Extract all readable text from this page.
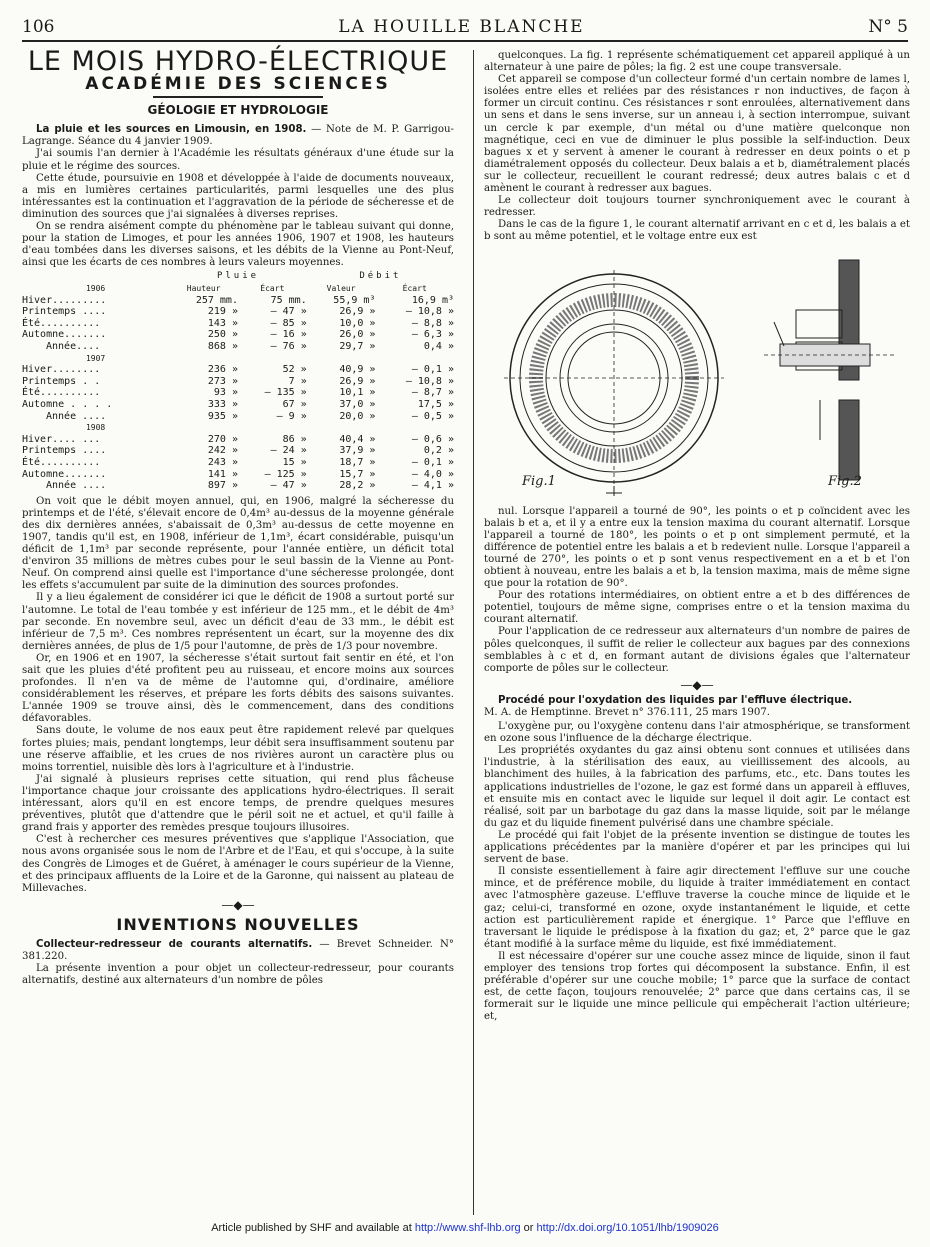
106	LA HOUILLE BLANCHE	N° 5
LE MOIS HYDRO-ÉLECTRIQUE
ACADÉMIE DES SCIENCES
GÉOLOGIE ET HYDROLOGIE

La pluie et les sources en Limousin, en 1908. — Note de M. P. Garrigou-Lagrange. Séance du 4 janvier 1909.

J'ai soumis l'an dernier à l'Académie les résultats généraux d'une étude sur la pluie et le régime des sources.

Cette étude, poursuivie en 1908 et développée à l'aide de documents nouveaux, a mis en lumières certaines particularités, parmi lesquelles une des plus intéressantes est la continuation et l'aggravation de la période de sécheresse et de diminution des sources que j'ai signalées à diverses reprises.

On se rendra aisément compte du phénomène par le tableau suivant qui donne, pour la station de Limoges, et pour les années 1906, 1907 et 1908, les hauteurs d'eau tombées dans les diverses saisons, et les débits de la Vienne au Pont-Neuf, ainsi que les écarts de ces nombres à leurs valeurs moyennes.

	Pluie		Débit	
1906	Hauteur	Écart	Valeur	Écart
Hiver.........	257 mm.	75 mm.	55,9 m³	16,9 m³
Printemps ....	219 »	— 47 »	26,9 »	— 10,8 »
Été..........	143 »	— 85 »	10,0 »	— 8,8 »
Automne.......	250 »	— 16 »	26,0 »	— 6,3 »
Année....	868 »	— 76 »	29,7 »	0,4 »
1907				
Hiver........	236 »	52 »	40,9 »	— 0,1 »
Printemps . .	273 »	7 »	26,9 »	— 10,8 »
Été..........	93 »	— 135 »	10,1 »	— 8,7 »
Automne . . . .	333 »	67 »	37,0 »	17,5 »
Année ....	935 »	— 9 »	20,0 »	— 0,5 »
1908				
Hiver.... ...	270 »	86 »	40,4 »	— 0,6 »
Printemps ....	242 »	— 24 »	37,9 »	0,2 »
Été..........	243 »	15 »	18,7 »	— 0,1 »
Automne.......	141 »	— 125 »	15,7 »	— 4,0 »
Année ....	897 »	— 47 »	28,2 »	— 4,1 »

On voit que le débit moyen annuel, qui, en 1906, malgré la sécheresse du printemps et de l'été, s'élevait encore de 0,4m³ au-dessus de la moyenne générale des dix dernières années, s'abaissait de 0,3m³ au-dessus de cette moyenne en 1907, tandis qu'il est, en 1908, inférieur de 1,1m³, écart considérable, puisqu'un déficit de 1,1m³ par seconde représente, pour l'année entière, un déficit total d'environ 35 millions de mètres cubes pour le seul bassin de la Vienne au Pont-Neuf. On comprend ainsi quelle est l'importance d'une sécheresse prolongée, dont les effets s'accumulent par suite de la diminution des sources profondes.

Il y a lieu également de considérer ici que le déficit de 1908 a surtout porté sur l'automne. Le total de l'eau tombée y est inférieur de 125 mm., et le débit de 4m³ par seconde. En novembre seul, avec un déficit d'eau de 33 mm., le débit est inférieur de 7,5 m³. Ces nombres représentent un écart, sur la moyenne des dix dernières années, de plus de 1/5 pour l'automne, de près de 1/3 pour novembre.

Or, en 1906 et en 1907, la sécheresse s'était surtout fait sentir en été, et l'on sait que les pluies d'été profitent peu au ruisseau, et encore moins aux sources profondes. Il n'en va de même de l'automne qui, d'ordinaire, améliore considérablement les réserves, et prépare les forts débits des saisons suivantes. L'année 1909 se trouve ainsi, dès le commencement, dans des conditions défavorables.

Sans doute, le volume de nos eaux peut être rapidement relevé par quelques fortes pluies; mais, pendant longtemps, leur débit sera insuffisamment soutenu par une réserve affaiblie, et les crues de nos rivières auront un caractère plus ou moins torrentiel, nuisible dès lors à l'agriculture et à l'industrie.

J'ai signalé à plusieurs reprises cette situation, qui rend plus fâcheuse l'importance chaque jour croissante des applications hydro-électriques. Il serait intéressant, alors qu'il en est encore temps, de prendre quelques mesures préventives, plutôt que d'attendre que le péril soit ne et actuel, et qu'il faille à grand frais y apporter des remèdes presque toujours illusoires.

C'est à rechercher ces mesures préventives que s'applique l'Association, que nous avons organisée sous le nom de l'Arbre et de l'Eau, et qui s'occupe, à la suite des Congrès de Limoges et de Guéret, à aménager le cours supérieur de la Vienne, et des principaux affluents de la Loire et de la Garonne, qui naissent au plateau de Millevaches.

—◆—
INVENTIONS NOUVELLES

Collecteur-redresseur de courants alternatifs. — Brevet Schneider. N° 381.220.

La présente invention a pour objet un collecteur-redresseur, pour courants alternatifs, destiné aux alternateurs d'un nombre de pôles

quelconques. La fig. 1 représente schématiquement cet appareil appliqué à un alternateur à une paire de pôles; la fig. 2 est une coupe transversale.

Cet appareil se compose d'un collecteur formé d'un certain nombre de lames l, isolées entre elles et reliées par des résistances r non inductives, de façon à former un circuit continu. Ces résistances r sont enroulées, alternativement dans un sens et dans le sens inverse, sur un anneau i, à section interrompue, suivant un cercle k par exemple, d'un métal ou d'une matière quelconque non magnétique, ceci en vue de diminuer le plus possible la self-induction. Deux bagues x et y servent à amener le courant à redresser en deux points o et p diamétralement opposés du collecteur. Deux balais a et b, diamétralement placés sur le collecteur, recueillent le courant redressé; deux autres balais c et d amènent le courant à redresser aux bagues.

Le collecteur doit toujours tourner synchroniquement avec le courant à redresser.

Dans le cas de la figure 1, le courant alternatif arrivant en c et d, les balais a et b sont au même potentiel, et le voltage entre eux est

Fig.1	Fig.2

nul. Lorsque l'appareil a tourné de 90°, les points o et p coïncident avec les balais b et a, et il y a entre eux la tension maxima du courant alternatif. Lorsque l'appareil a tourné de 180°, les points o et p ont simplement permuté, et la différence de potentiel entre les balais a et b redevient nulle. Lorsque l'appareil a tourné de 270°, les points o et p sont venus respectivement en a et b et l'on obtient à nouveau, entre les balais a et b, la tension maxima, mais de même signe que pour la rotation de 90°.

Pour des rotations intermédiaires, on obtient entre a et b des différences de potentiel, toujours de même signe, comprises entre o et la tension maxima du courant alternatif.

Pour l'application de ce redresseur aux alternateurs d'un nombre de paires de pôles quelconques, il suffit de relier le collecteur aux bagues par des connexions semblables à c et d, en formant autant de divisions égales que l'alternateur comporte de pôles sur le collecteur.

—◆—

Procédé pour l'oxydation des liquides par l'effluve électrique.

M. A. de Hemptinne. Brevet n° 376.111, 25 mars 1907.

L'oxygène pur, ou l'oxygène contenu dans l'air atmosphérique, se transforment en ozone sous l'influence de la décharge électrique.

Les propriétés oxydantes du gaz ainsi obtenu sont connues et utilisées dans l'industrie, à la stérilisation des eaux, au vieillissement des alcools, au blanchiment des huiles, à la fabrication des parfums, etc., etc. Dans toutes les applications industrielles de l'ozone, le gaz est formé dans un appareil à effluves, et ensuite mis en contact avec le liquide sur lequel il doit agir. Le contact est réalisé, soit par un barbotage du gaz dans la masse liquide, soit par le mélange du gaz et du liquide finement pulvérisé dans une chambre spéciale.

Le procédé qui fait l'objet de la présente invention se distingue de toutes les applications précédentes par la manière d'opérer et par les principes qui lui servent de base.

Il consiste essentiellement à faire agir directement l'effluve sur une couche mince, et de préférence mobile, du liquide à traiter immédiatement en contact avec l'atmosphère gazeuse. L'effluve traverse la couche mince de liquide et le gaz; celui-ci, transformé en ozone, oxyde instantanément le liquide, et cette action est particulièrement rapide et énergique. 1° Parce que l'effluve en traversant le liquide le prédispose à la fixation du gaz; et, 2° parce que le gaz étant modifié à la surface même du liquide, est fixé immédiatement.

Il est nécessaire d'opérer sur une couche assez mince de liquide, sinon il faut employer des tensions trop fortes qui décomposent la substance. Enfin, il est préférable d'opérer sur une couche mobile; 1° parce que la surface de contact est, de cette façon, toujours renouvelée; 2° parce que dans certains cas, il se formerait sur le liquide une mince pellicule qui empêcherait l'action ultérieure; et,

Article published by SHF and available at http://www.shf-lhb.org or http://dx.doi.org/10.1051/lhb/1909026
